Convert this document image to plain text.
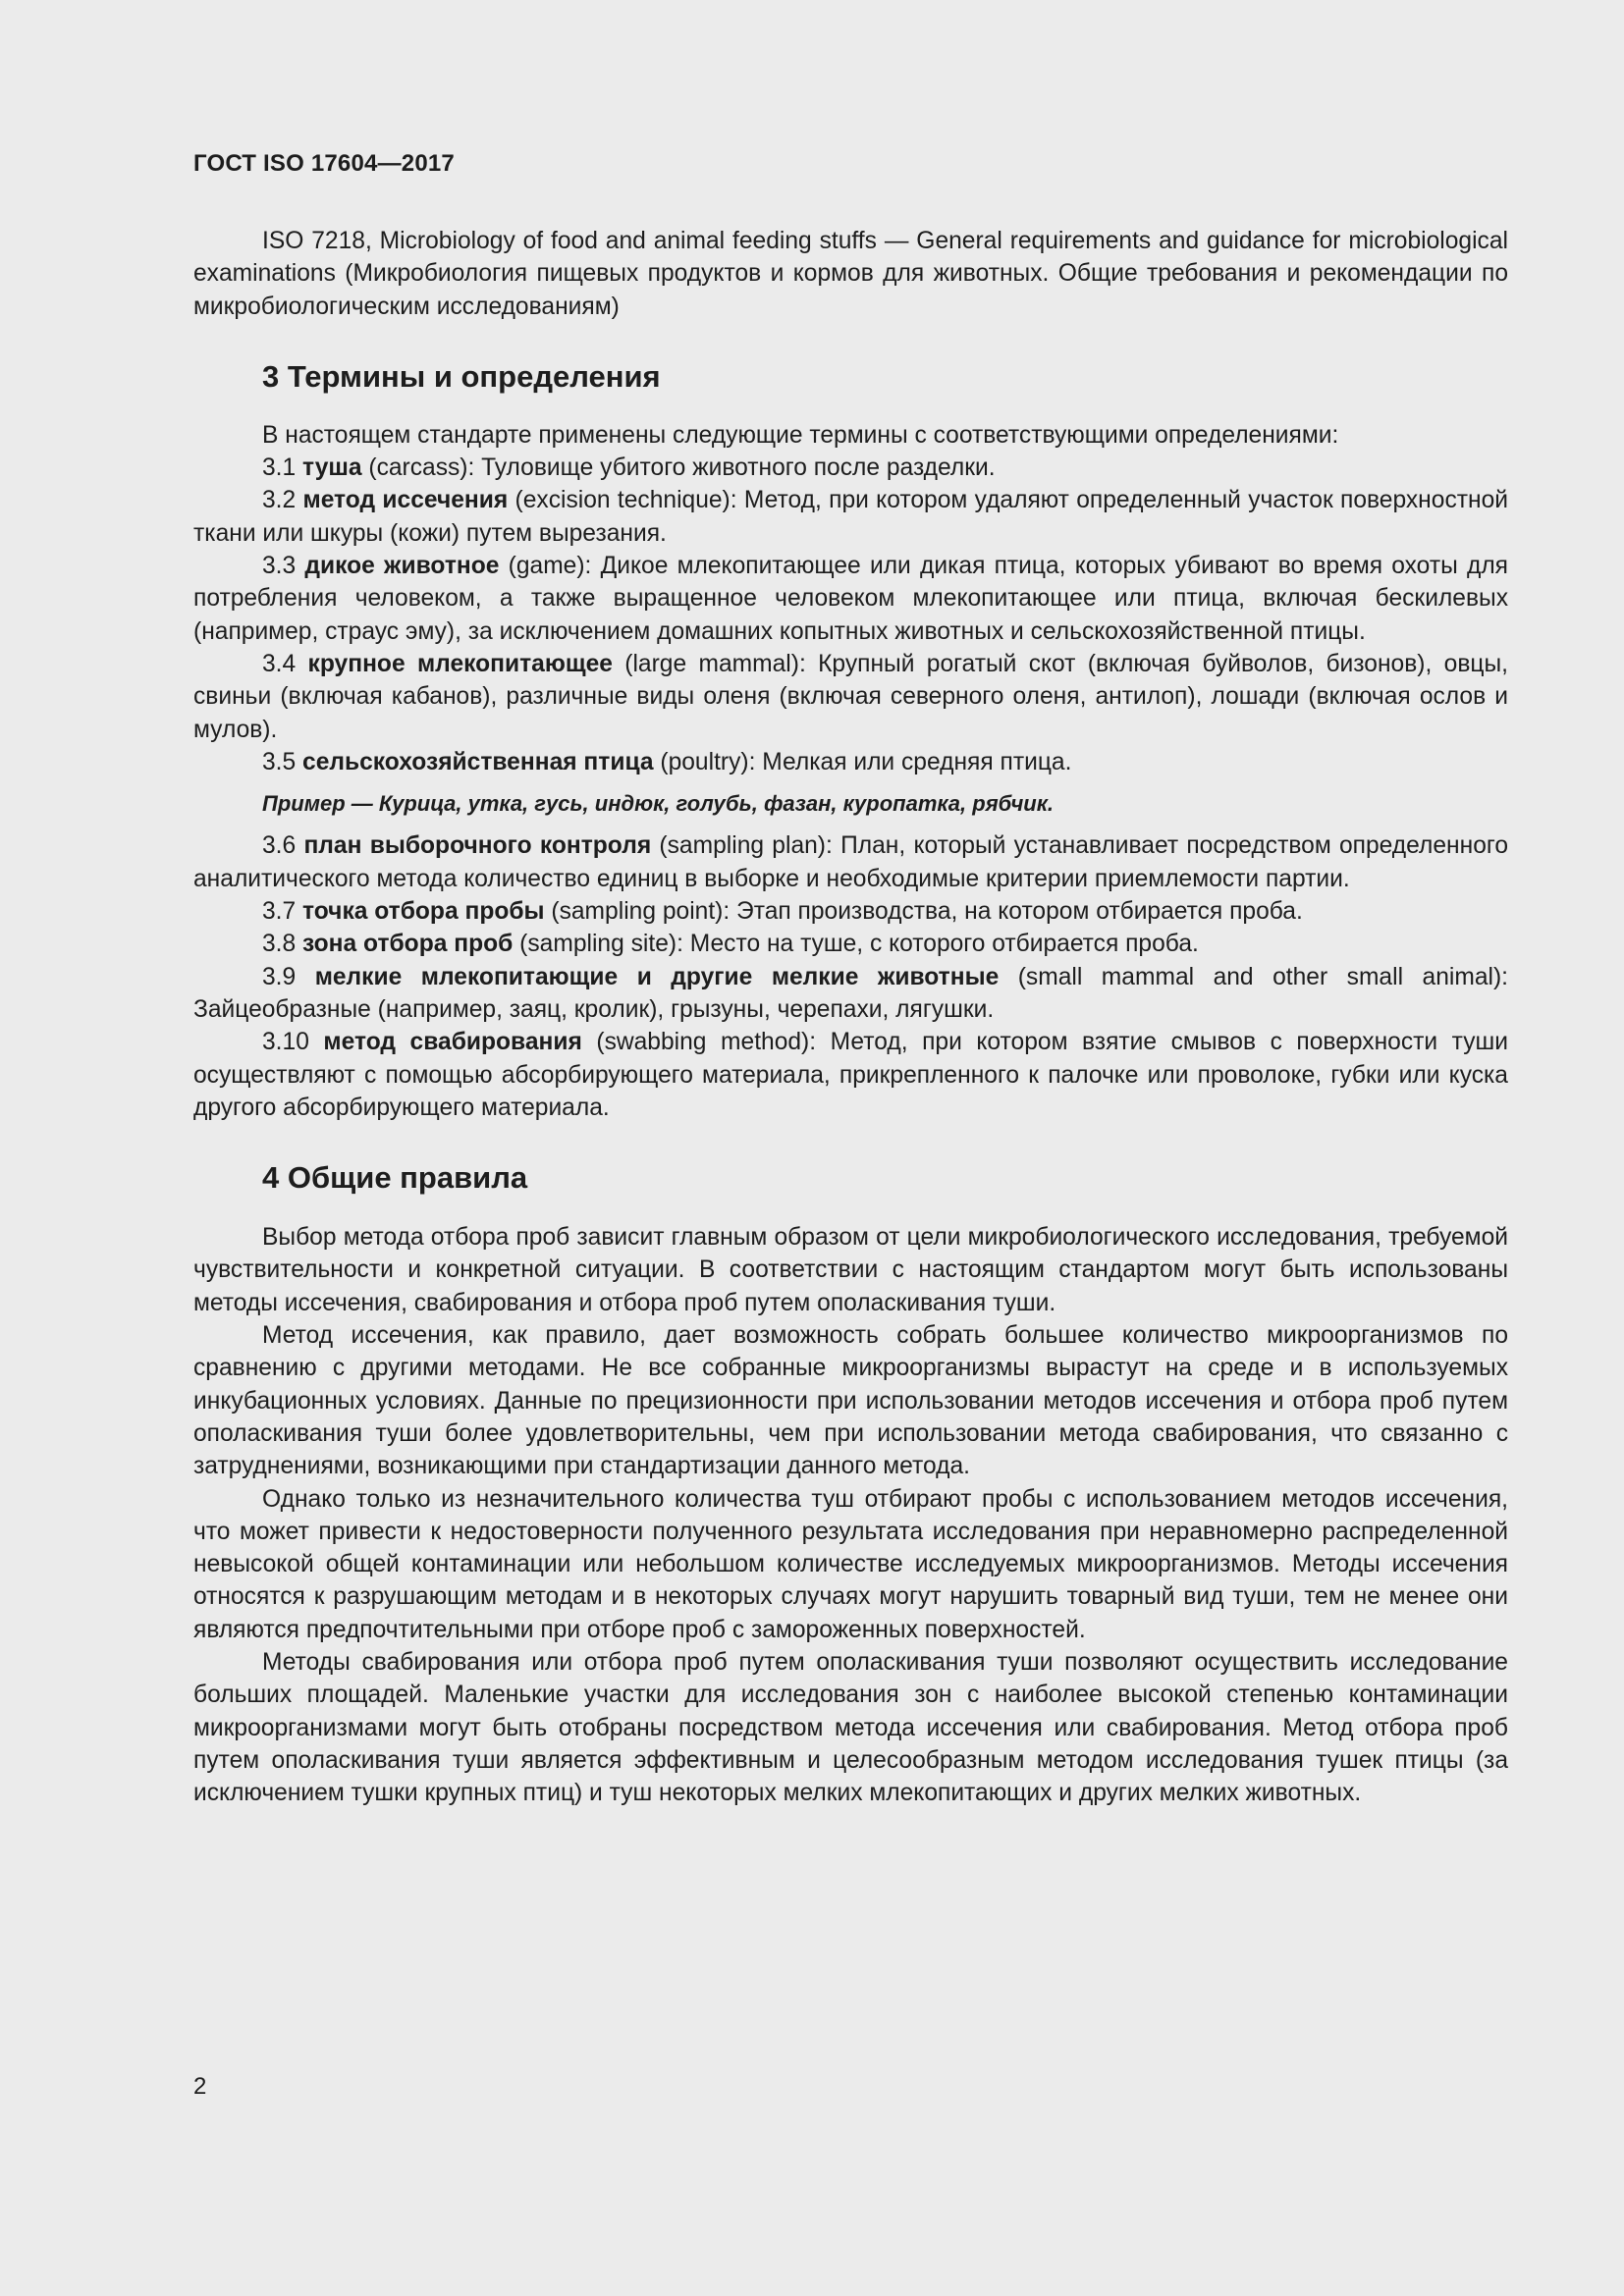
ГОСТ ISO 17604—2017

ISO 7218, Microbiology of food and animal feeding stuffs — General requirements and guidance for microbiological examinations (Микробиология пищевых продуктов и кормов для животных. Общие требования и рекомендации по микробиологическим исследованиям)

3 Термины и определения

В настоящем стандарте применены следующие термины с соответствующими определениями:

3.1 туша (carcass): Туловище убитого животного после разделки.

3.2 метод иссечения (excision technique): Метод, при котором удаляют определенный участок поверхностной ткани или шкуры (кожи) путем вырезания.

3.3 дикое животное (game): Дикое млекопитающее или дикая птица, которых убивают во время охоты для потребления человеком, а также выращенное человеком млекопитающее или птица, включая бескилевых (например, страус эму), за исключением домашних копытных животных и сельскохозяйственной птицы.

3.4 крупное млекопитающее (large mammal): Крупный рогатый скот (включая буйволов, бизонов), овцы, свиньи (включая кабанов), различные виды оленя (включая северного оленя, антилоп), лошади (включая ослов и мулов).

3.5 сельскохозяйственная птица (poultry): Мелкая или средняя птица.

Пример — Курица, утка, гусь, индюк, голубь, фазан, куропатка, рябчик.

3.6 план выборочного контроля (sampling plan): План, который устанавливает посредством определенного аналитического метода количество единиц в выборке и необходимые критерии приемлемости партии.

3.7 точка отбора пробы (sampling point): Этап производства, на котором отбирается проба.

3.8 зона отбора проб (sampling site): Место на туше, с которого отбирается проба.

3.9 мелкие млекопитающие и другие мелкие животные (small mammal and other small animal): Зайцеобразные (например, заяц, кролик), грызуны, черепахи, лягушки.

3.10 метод свабирования (swabbing method): Метод, при котором взятие смывов с поверхности туши осуществляют с помощью абсорбирующего материала, прикрепленного к палочке или проволоке, губки или куска другого абсорбирующего материала.

4 Общие правила

Выбор метода отбора проб зависит главным образом от цели микробиологического исследования, требуемой чувствительности и конкретной ситуации. В соответствии с настоящим стандартом могут быть использованы методы иссечения, свабирования и отбора проб путем ополаскивания туши.

Метод иссечения, как правило, дает возможность собрать большее количество микроорганизмов по сравнению с другими методами. Не все собранные микроорганизмы вырастут на среде и в используемых инкубационных условиях. Данные по прецизионности при использовании методов иссечения и отбора проб путем ополаскивания туши более удовлетворительны, чем при использовании метода свабирования, что связанно с затруднениями, возникающими при стандартизации данного метода.

Однако только из незначительного количества туш отбирают пробы с использованием методов иссечения, что может привести к недостоверности полученного результата исследования при неравномерно распределенной невысокой общей контаминации или небольшом количестве исследуемых микроорганизмов. Методы иссечения относятся к разрушающим методам и в некоторых случаях могут нарушить товарный вид туши, тем не менее они являются предпочтительными при отборе проб с замороженных поверхностей.

Методы свабирования или отбора проб путем ополаскивания туши позволяют осуществить исследование больших площадей. Маленькие участки для исследования зон с наиболее высокой степенью контаминации микроорганизмами могут быть отобраны посредством метода иссечения или свабирования. Метод отбора проб путем ополаскивания туши является эффективным и целесообразным методом исследования тушек птицы (за исключением тушки крупных птиц) и туш некоторых мелких млекопитающих и других мелких животных.

2
